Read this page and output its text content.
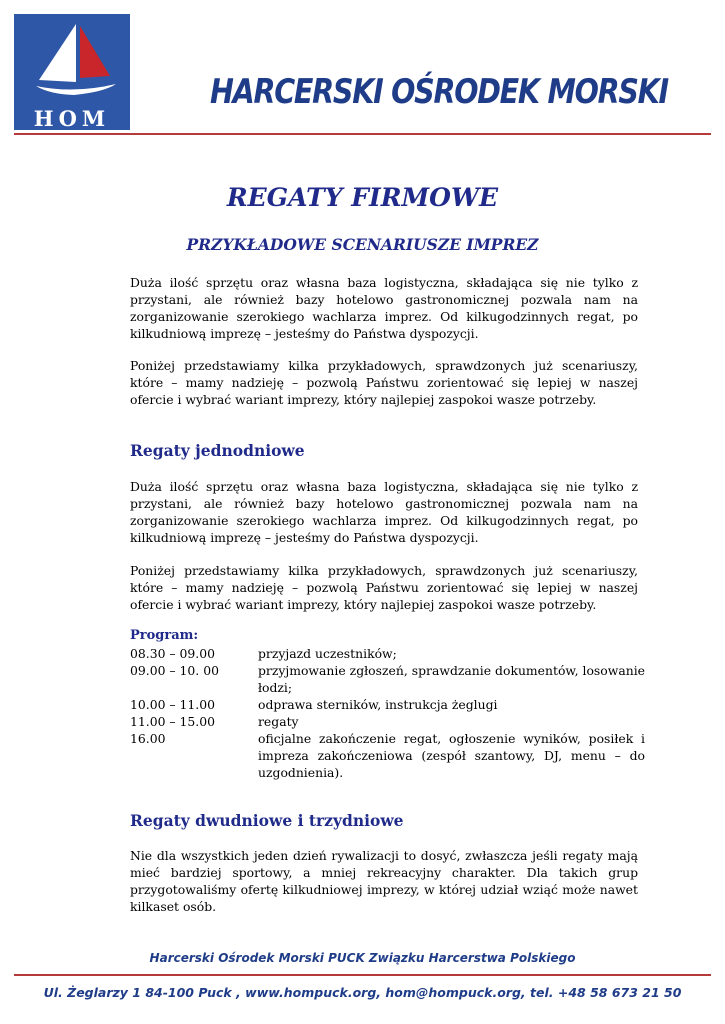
HOM
HARCERSKI OŚRODEK MORSKI
REGATY FIRMOWE
PRZYKŁADOWE SCENARIUSZE IMPREZ

Duża ilość sprzętu oraz własna baza logistyczna, składająca się nie tylko z przystani, ale również bazy hotelowo gastronomicznej pozwala nam na zorganizowanie szerokiego wachlarza imprez. Od kilkugodzinnych regat, po kilkudniową imprezę – jesteśmy do Państwa dyspozycji.

Poniżej przedstawiamy kilka przykładowych, sprawdzonych już scenariuszy, które – mamy nadzieję – pozwolą Państwu zorientować się lepiej w naszej ofercie i wybrać wariant imprezy, który najlepiej zaspokoi wasze potrzeby.

Regaty jednodniowe

Duża ilość sprzętu oraz własna baza logistyczna, składająca się nie tylko z przystani, ale również bazy hotelowo gastronomicznej pozwala nam na zorganizowanie szerokiego wachlarza imprez. Od kilkugodzinnych regat, po kilkudniową imprezę – jesteśmy do Państwa dyspozycji.

Poniżej przedstawiamy kilka przykładowych, sprawdzonych już scenariuszy, które – mamy nadzieję – pozwolą Państwu zorientować się lepiej w naszej ofercie i wybrać wariant imprezy, który najlepiej zaspokoi wasze potrzeby.

Program:
08.30 – 09.00	przyjazd uczestników;
09.00 – 10. 00	przyjmowanie zgłoszeń, sprawdzanie dokumentów, losowanie łodzi;
10.00 – 11.00	odprawa sterników, instrukcja żeglugi
11.00 – 15.00	regaty
16.00	oficjalne zakończenie regat, ogłoszenie wyników, posiłek i impreza zakończeniowa (zespół szantowy, DJ, menu – do uzgodnienia).
Regaty dwudniowe i trzydniowe

Nie dla wszystkich jeden dzień rywalizacji to dosyć, zwłaszcza jeśli regaty mają mieć bardziej sportowy, a mniej rekreacyjny charakter. Dla takich grup przygotowaliśmy ofertę kilkudniowej imprezy, w której udział wziąć może nawet kilkaset osób.

Harcerski Ośrodek Morski PUCK Związku Harcerstwa Polskiego
Ul. Żeglarzy 1 84-100 Puck , www.hompuck.org, hom@hompuck.org, tel. +48 58 673 21 50
